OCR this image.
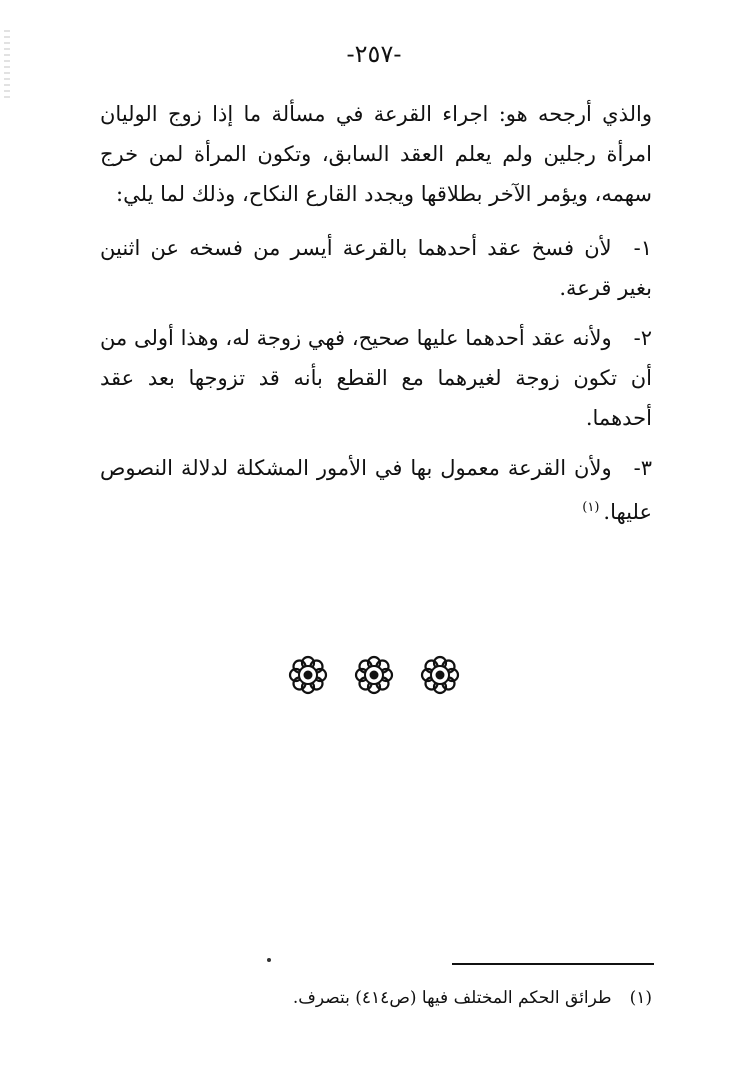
-٢٥٧-
والذي أرجحه هو: اجراء القرعة في مسألة ما إذا زوج الوليان امرأة رجلين ولم يعلم العقد السابق، وتكون المرأة لمن خرج سهمه، ويؤمر الآخر بطلاقها ويجدد القارع النكاح، وذلك لما يلي:
١-لأن فسخ عقد أحدهما بالقرعة أيسر من فسخه عن اثنين بغير قرعة.
٢-ولأنه عقد أحدهما عليها صحيح، فهي زوجة له، وهذا أولى من أن تكون زوجة لغيرهما مع القطع بأنه قد تزوجها بعد عقد أحدهما.
٣-ولأن القرعة معمول بها في الأمور المشكلة لدلالة النصوص عليها.$^{(١)}$
(١)طرائق الحكم المختلف فيها (ص٤١٤) بتصرف.
